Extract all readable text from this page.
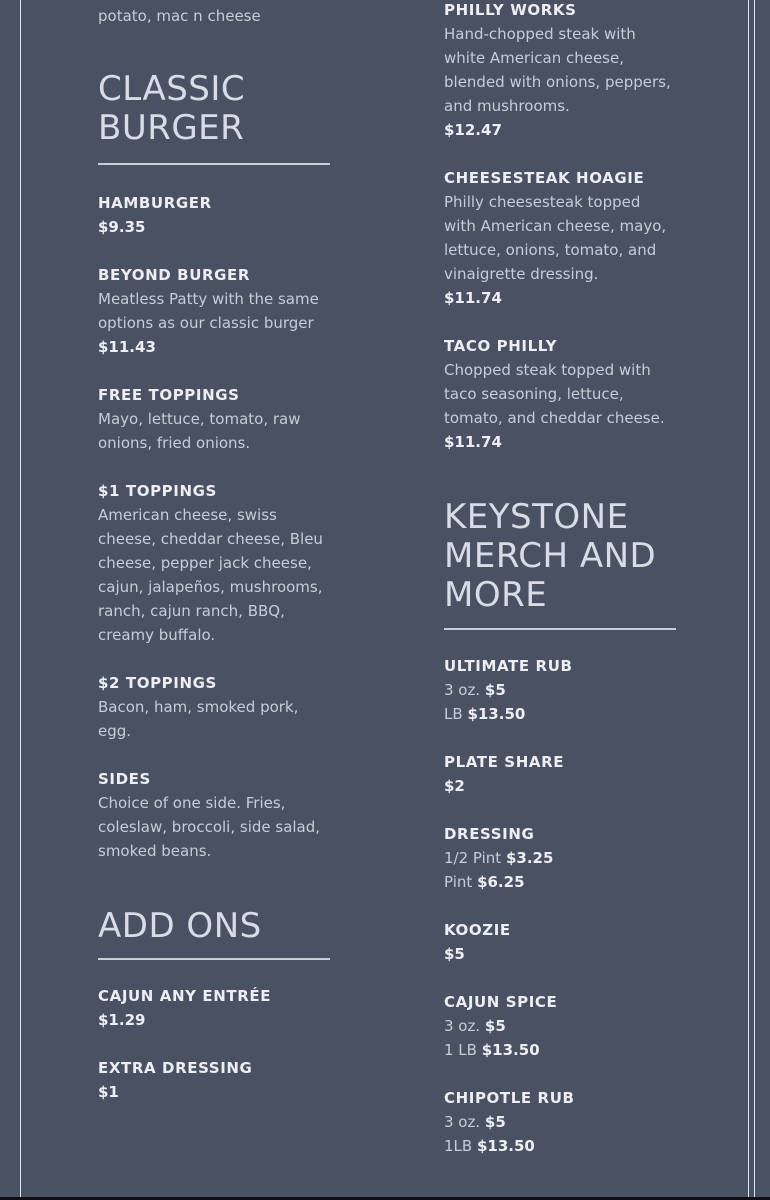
potato, mac n cheese
CLASSIC BURGER
HAMBURGER
$9.35
BEYOND BURGER
Meatless Patty with the same options as our classic burger
$11.43
FREE TOPPINGS
Mayo, lettuce, tomato, raw onions, fried onions.
$1 TOPPINGS
American cheese, swiss cheese, cheddar cheese, Bleu cheese, pepper jack cheese, cajun, jalapeños, mushrooms, ranch, cajun ranch, BBQ, creamy buffalo.
$2 TOPPINGS
Bacon, ham, smoked pork, egg.
SIDES
Choice of one side. Fries, coleslaw, broccoli, side salad, smoked beans.
ADD ONS
CAJUN ANY ENTRÉE
$1.29
EXTRA DRESSING
$1
PHILLY WORKS
Hand-chopped steak with white American cheese, blended with onions, peppers, and mushrooms.
$12.47
CHEESESTEAK HOAGIE
Philly cheesesteak topped with American cheese, mayo, lettuce, onions, tomato, and vinaigrette dressing.
$11.74
TACO PHILLY
Chopped steak topped with taco seasoning, lettuce, tomato, and cheddar cheese.
$11.74
KEYSTONE MERCH AND MORE
ULTIMATE RUB
3 oz. $5
LB $13.50
PLATE SHARE
$2
DRESSING
1/2 Pint $3.25
Pint $6.25
KOOZIE
$5
CAJUN SPICE
3 oz. $5
1 LB $13.50
CHIPOTLE RUB
3 oz. $5
1LB $13.50
